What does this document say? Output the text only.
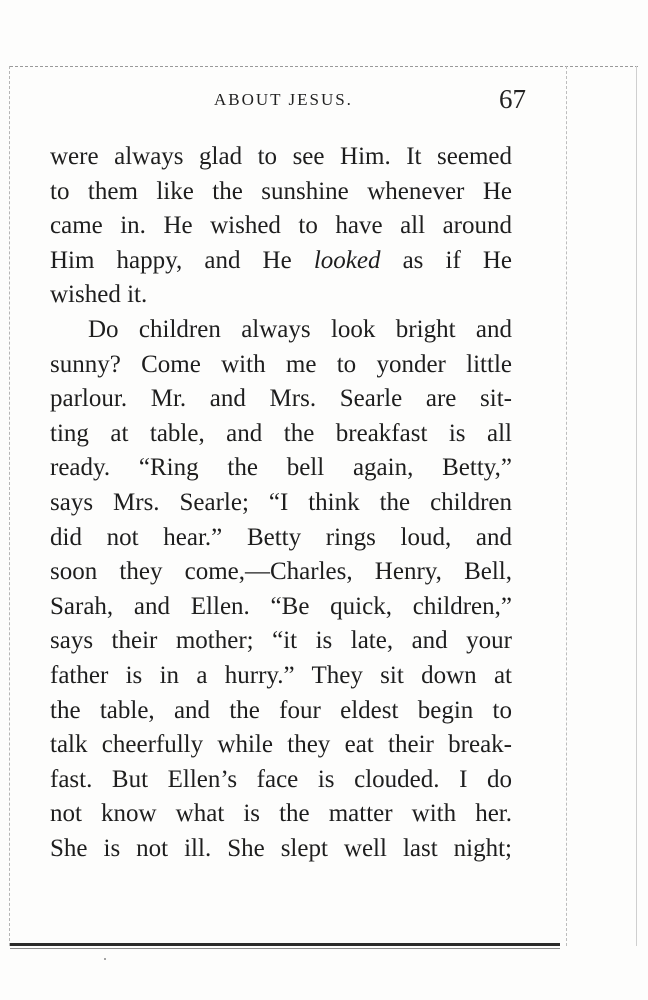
ABOUT JESUS.	67
were always glad to see Him. It seemed
to them like the sunshine whenever He
came in. He wished to have all around
Him happy, and He looked as if He
wished it.
Do children always look bright and
sunny? Come with me to yonder little
parlour. Mr. and Mrs. Searle are sit-
ting at table, and the breakfast is all
ready. “Ring the bell again, Betty,”
says Mrs. Searle; “I think the children
did not hear.” Betty rings loud, and
soon they come,—Charles, Henry, Bell,
Sarah, and Ellen. “Be quick, children,”
says their mother; “it is late, and your
father is in a hurry.” They sit down at
the table, and the four eldest begin to
talk cheerfully while they eat their break-
fast. But Ellen’s face is clouded. I do
not know what is the matter with her.
She is not ill. She slept well last night;
